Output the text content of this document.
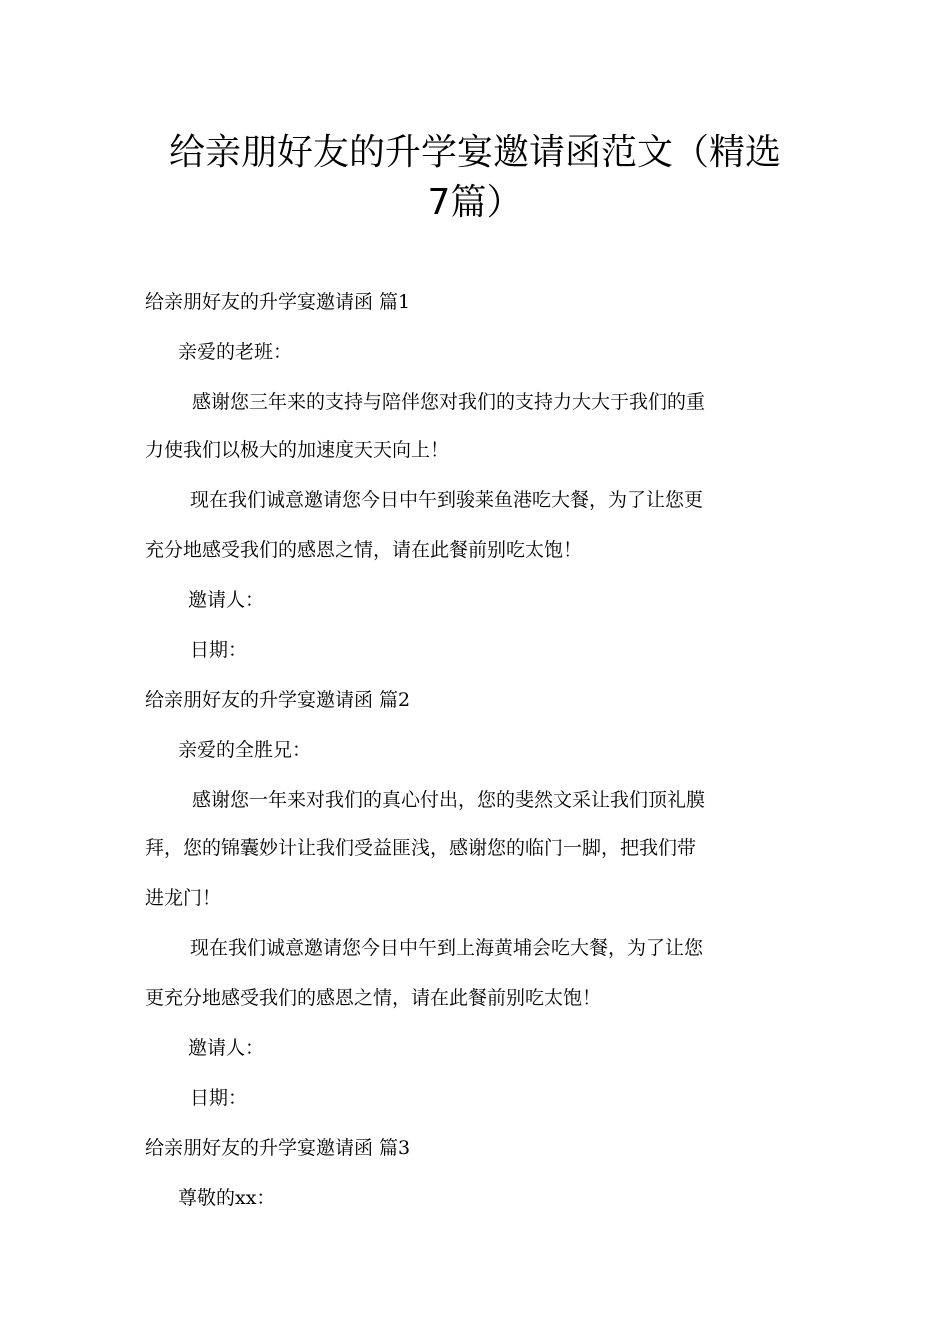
给亲朋好友的升学宴邀请函范文（精选
7篇）
给亲朋好友的升学宴邀请函 篇1
亲爱的老班：
感谢您三年来的支持与陪伴您对我们的支持力大大于我们的重
力使我们以极大的加速度天天向上！
现在我们诚意邀请您今日中午到骏莱鱼港吃大餐，为了让您更
充分地感受我们的感恩之情，请在此餐前别吃太饱！
邀请人：
日期：
给亲朋好友的升学宴邀请函 篇2
亲爱的全胜兄：
感谢您一年来对我们的真心付出，您的斐然文采让我们顶礼膜
拜，您的锦囊妙计让我们受益匪浅，感谢您的临门一脚，把我们带
进龙门！
现在我们诚意邀请您今日中午到上海黄埔会吃大餐，为了让您
更充分地感受我们的感恩之情，请在此餐前别吃太饱！
邀请人：
日期：
给亲朋好友的升学宴邀请函 篇3
尊敬的xx：
